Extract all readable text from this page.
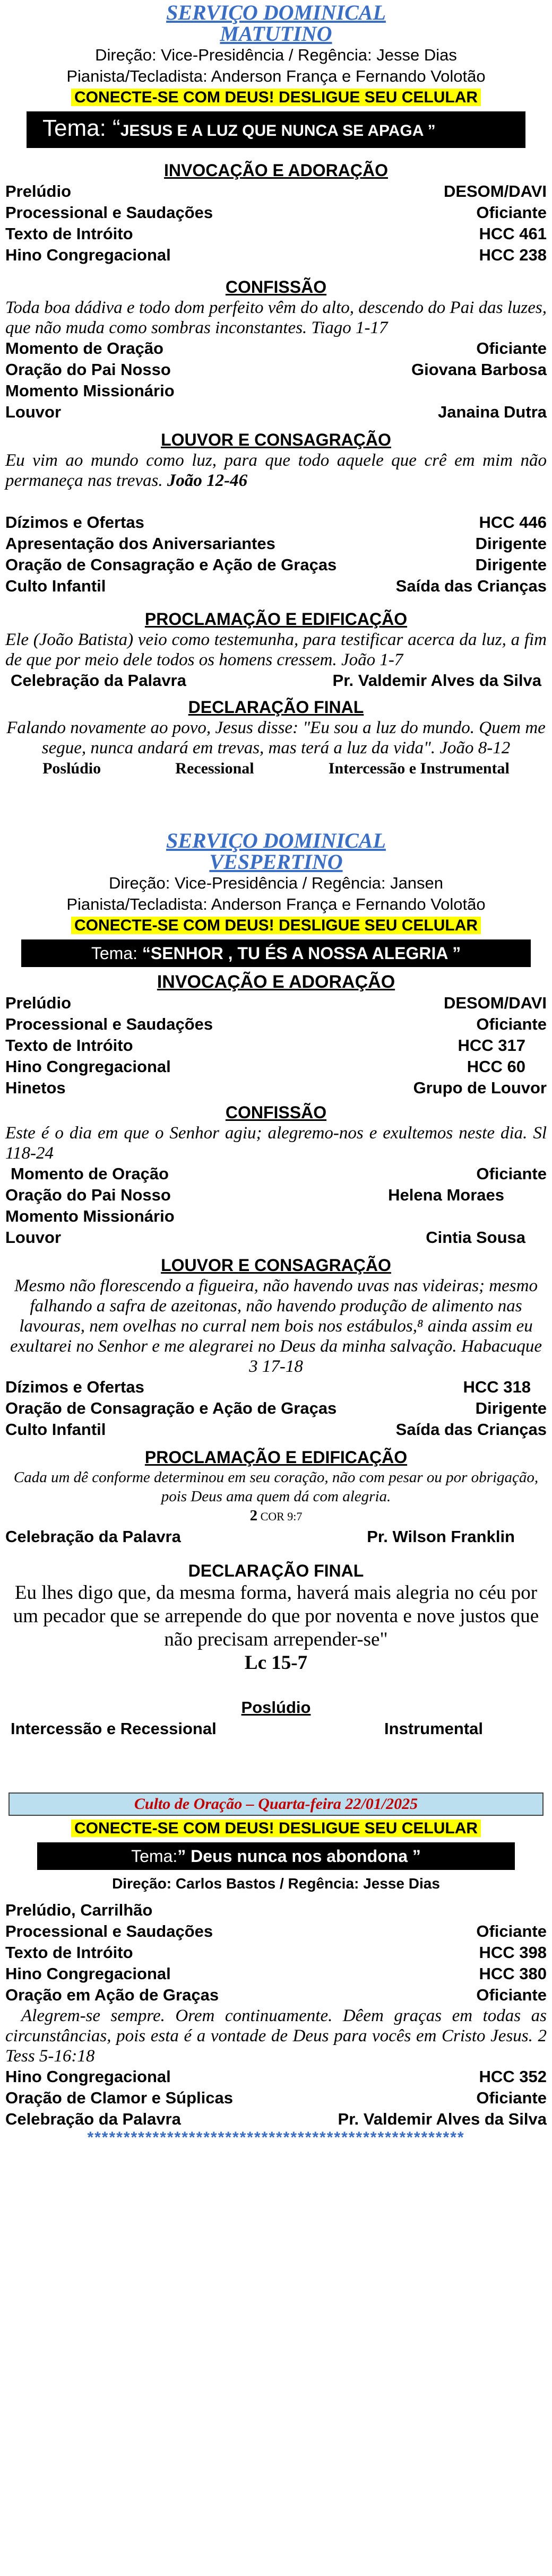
SERVIÇO DOMINICAL
MATUTINO
Direção: Vice-Presidência / Regência: Jesse Dias
Pianista/Tecladista: Anderson França e Fernando Volotão
CONECTE-SE COM DEUS! DESLIGUE SEU CELULAR
Tema: “JESUS E A LUZ QUE NUNCA SE APAGA ”
INVOCAÇÃO E ADORAÇÃO
Prelúdio	DESOM/DAVI
Processional e Saudações	Oficiante
Texto de Intróito	HCC 461
Hino Congregacional	HCC 238
CONFISSÃO
Toda boa dádiva e todo dom perfeito vêm do alto, descendo do Pai das luzes, que não muda como sombras inconstantes. Tiago 1-17
Momento de Oração	Oficiante
Oração do Pai Nosso	Giovana Barbosa
Momento Missionário
Louvor	Janaina Dutra
LOUVOR E CONSAGRAÇÃO
Eu vim ao mundo como luz, para que todo aquele que crê em mim não permaneça nas trevas. João 12-46
Dízimos e Ofertas	HCC 446
Apresentação dos Aniversariantes	Dirigente
Oração de Consagração e Ação de Graças	Dirigente
Culto Infantil	Saída das Crianças
PROCLAMAÇÃO E EDIFICAÇÃO
Ele (João Batista) veio como testemunha, para testificar acerca da luz, a fim de que por meio dele todos os homens cressem. João 1-7
Celebração da Palavra	Pr. Valdemir Alves da Silva
DECLARAÇÃO FINAL
Falando novamente ao povo, Jesus disse: "Eu sou a luz do mundo. Quem me segue, nunca andará em trevas, mas terá a luz da vida". João 8-12
Poslúdio	Recessional	Intercessão e Instrumental
SERVIÇO DOMINICAL
VESPERTINO
Direção: Vice-Presidência / Regência: Jansen
Pianista/Tecladista: Anderson França e Fernando Volotão
CONECTE-SE COM DEUS! DESLIGUE SEU CELULAR
Tema: “SENHOR , TU ÉS A NOSSA ALEGRIA ”
INVOCAÇÃO E ADORAÇÃO
Prelúdio	DESOM/DAVI
Processional e Saudações	Oficiante
Texto de Intróito	HCC 317
Hino Congregacional	HCC 60
Hinetos	Grupo de Louvor
CONFISSÃO
Este é o dia em que o Senhor agiu; alegremo-nos e exultemos neste dia. Sl 118-24
Momento de Oração	Oficiante
Oração do Pai Nosso	Helena Moraes
Momento Missionário
Louvor	Cintia Sousa
LOUVOR E CONSAGRAÇÃO
Mesmo não florescendo a figueira, não havendo uvas nas videiras; mesmo falhando a safra de azeitonas, não havendo produção de alimento nas lavouras, nem ovelhas no curral nem bois nos estábulos,⁸ ainda assim eu exultarei no Senhor e me alegrarei no Deus da minha salvação. Habacuque 3 17-18
Dízimos e Ofertas	HCC 318
Oração de Consagração e Ação de Graças	Dirigente
Culto Infantil	Saída das Crianças
PROCLAMAÇÃO E EDIFICAÇÃO
Cada um dê conforme determinou em seu coração, não com pesar ou por obrigação, pois Deus ama quem dá com alegria.
2 COR 9:7
Celebração da Palavra	Pr. Wilson Franklin
DECLARAÇÃO FINAL
Eu lhes digo que, da mesma forma, haverá mais alegria no céu por um pecador que se arrepende do que por noventa e nove justos que não precisam arrepender-se"
Lc 15-7
Poslúdio
Intercessão e Recessional	Instrumental
Culto de Oração – Quarta-feira 22/01/2025
CONECTE-SE COM DEUS! DESLIGUE SEU CELULAR
Tema:” Deus nunca nos abondona ”
Direção: Carlos Bastos / Regência: Jesse Dias
Prelúdio, Carrilhão
Processional e Saudações	Oficiante
Texto de Intróito	HCC 398
Hino Congregacional	HCC 380
Oração em Ação de Graças	Oficiante
Alegrem-se sempre. Orem continuamente. Dêem graças em todas as circunstâncias, pois esta é a vontade de Deus para vocês em Cristo Jesus. 2 Tess 5-16:18
Hino Congregacional	HCC 352
Oração de Clamor e Súplicas	Oficiante
Celebração da Palavra	Pr. Valdemir Alves da Silva
****************************************************
